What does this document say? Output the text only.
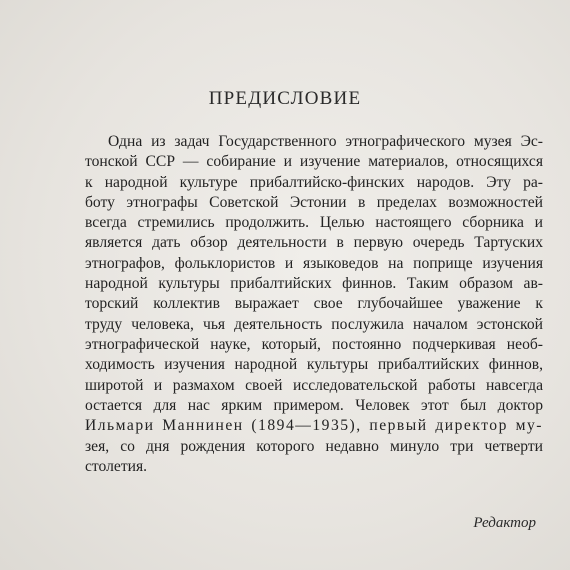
ПРЕДИСЛОВИЕ
Одна из задач Государственного этнографического музея Эс-
тонской ССР — собирание и изучение материалов, относящихся
к народной культуре прибалтийско-финских народов. Эту ра-
боту этнографы Советской Эстонии в пределах возможностей
всегда стремились продолжить. Целью настоящего сборника и
является дать обзор деятельности в первую очередь Тартуских
этнографов, фольклористов и языковедов на поприще изучения
народной культуры прибалтийских финнов. Таким образом ав-
торский коллектив выражает свое глубочайшее уважение к
труду человека, чья деятельность послужила началом эстонской
этнографической науке, который, постоянно подчеркивая необ-
ходимость изучения народной культуры прибалтийских финнов,
широтой и размахом своей исследовательской работы навсегда
остается для нас ярким примером. Человек этот был доктор
Ильмари Маннинен (1894—1935), первый директор му-
зея, со дня рождения которого недавно минуло три четверти
столетия.
Редактор
